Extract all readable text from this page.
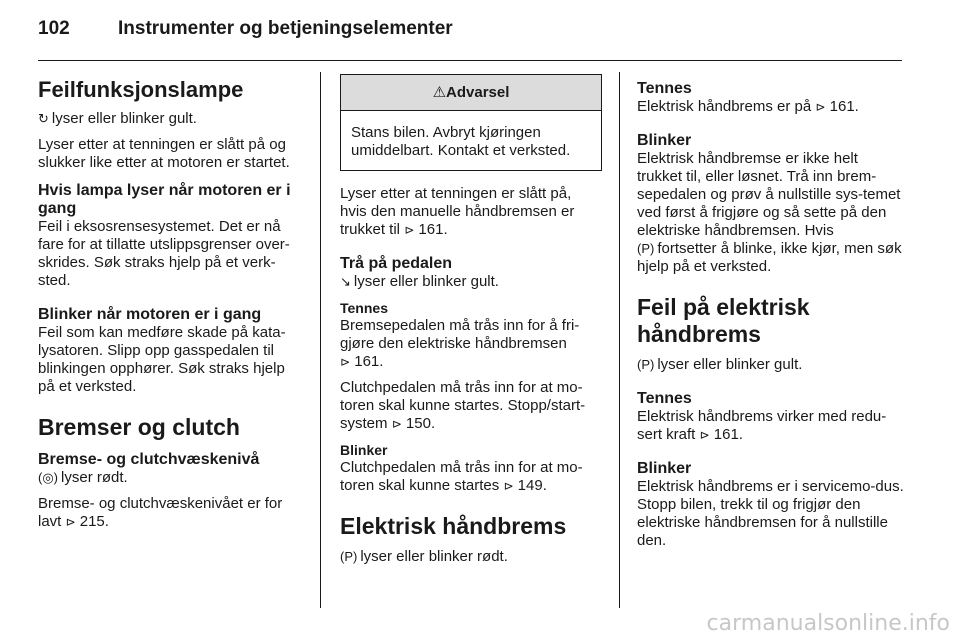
102	Instrumenter og betjeningselementer
Feilfunksjonslampe

↻ lyser eller blinker gult.

Lyser etter at tenningen er slått på og slukker like etter at motoren er startet.

Hvis lampa lyser når motoren er i gang

Feil i eksosrensesystemet. Det er nå fare for at tillatte utslippsgrenser over-skrides. Søk straks hjelp på et verk-sted.

Blinker når motoren er i gang

Feil som kan medføre skade på kata-lysatoren. Slipp opp gasspedalen til blinkingen opphører. Søk straks hjelp på et verksted.

Bremser og clutch
Bremse- og clutchvæskenivå

(◎) lyser rødt.

Bremse- og clutchvæskenivået er for lavt ⊳ 215.

⚠Advarsel
Stans bilen. Avbryt kjøringen umiddelbart. Kontakt et verksted.

Lyser etter at tenningen er slått på, hvis den manuelle håndbremsen er trukket til ⊳ 161.

Trå på pedalen

↘ lyser eller blinker gult.

Tennes

Bremsepedalen må trås inn for å fri-gjøre den elektriske håndbremsen
⊳ 161.

Clutchpedalen må trås inn for at mo-toren skal kunne startes. Stopp/start-system ⊳ 150.

Blinker

Clutchpedalen må trås inn for at mo-toren skal kunne startes ⊳ 149.

Elektrisk håndbrems

(P) lyser eller blinker rødt.

Tennes

Elektrisk håndbrems er på ⊳ 161.

Blinker

Elektrisk håndbremse er ikke helt trukket til, eller løsnet. Trå inn brem-sepedalen og prøv å nullstille sys-temet ved først å frigjøre og så sette på den elektriske håndbremsen. Hvis
(P) fortsetter å blinke, ikke kjør, men søk hjelp på et verksted.

Feil på elektrisk håndbrems

(P) lyser eller blinker gult.

Tennes

Elektrisk håndbrems virker med redu-sert kraft ⊳ 161.

Blinker

Elektrisk håndbrems er i servicemo-dus. Stopp bilen, trekk til og frigjør den elektriske håndbremsen for å nullstille den.

carmanualsonline.info
